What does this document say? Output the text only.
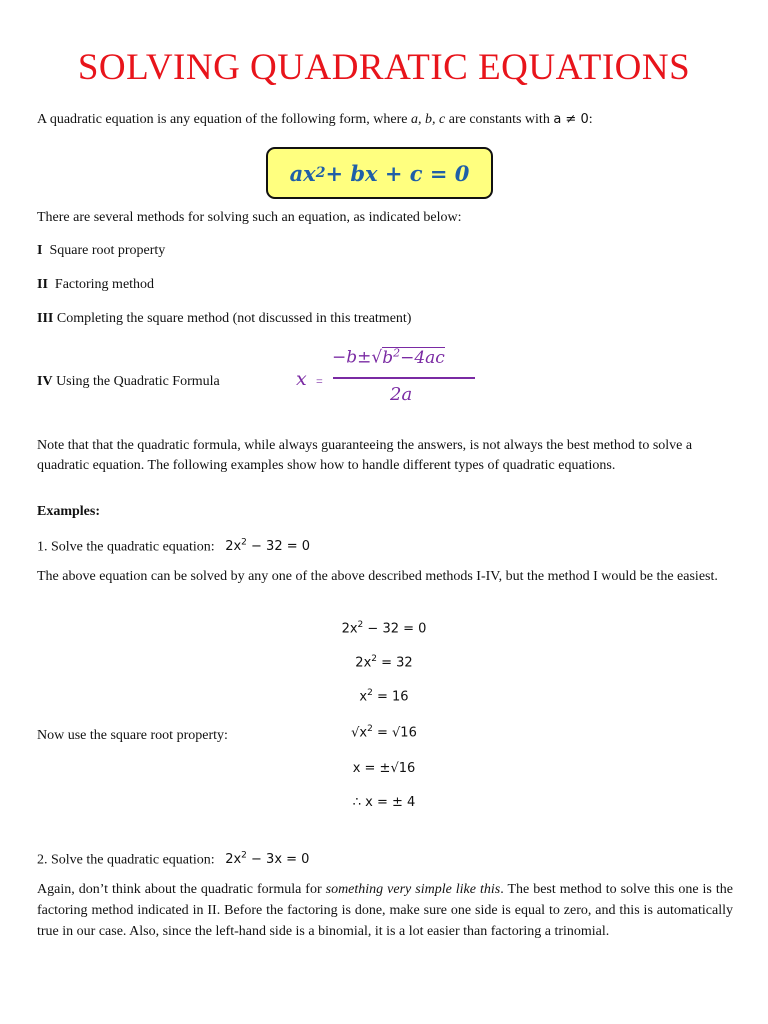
SOLVING QUADRATIC EQUATIONS
A quadratic equation is any equation of the following form, where a, b, c are constants with a ≠ 0:
ax 2 + bx + c = 0
There are several methods for solving such an equation, as indicated below:
I Square root property
II Factoring method
III Completing the square method (not discussed in this treatment)
IV Using the Quadratic Formula	x =
$-b\pm√b^2-4ac$
2a
Note that that the quadratic formula, while always guaranteeing the answers, is not always the best method to solve a quadratic equation. The following examples show how to handle different types of quadratic equations.
Examples:
1. Solve the quadratic equation: $2x^2 - 32 = 0$
The above equation can be solved by any one of the above described methods I-IV, but the method I would be the easiest.
$2x^2 - 32 = 0$
$2x^2 = 32$
$x^2 = 16$
Now use the square root property:	$√x^2 = √16$
x = ±√16
∴ x = ± 4
2. Solve the quadratic equation: $2x^2 - 3x = 0$
Again, don’t think about the quadratic formula for something very simple like this. The best method to solve this one is the factoring method indicated in II. Before the factoring is done, make sure one side is equal to zero, and this is automatically true in our case. Also, since the left-hand side is a binomial, it is a lot easier than factoring a trinomial.
